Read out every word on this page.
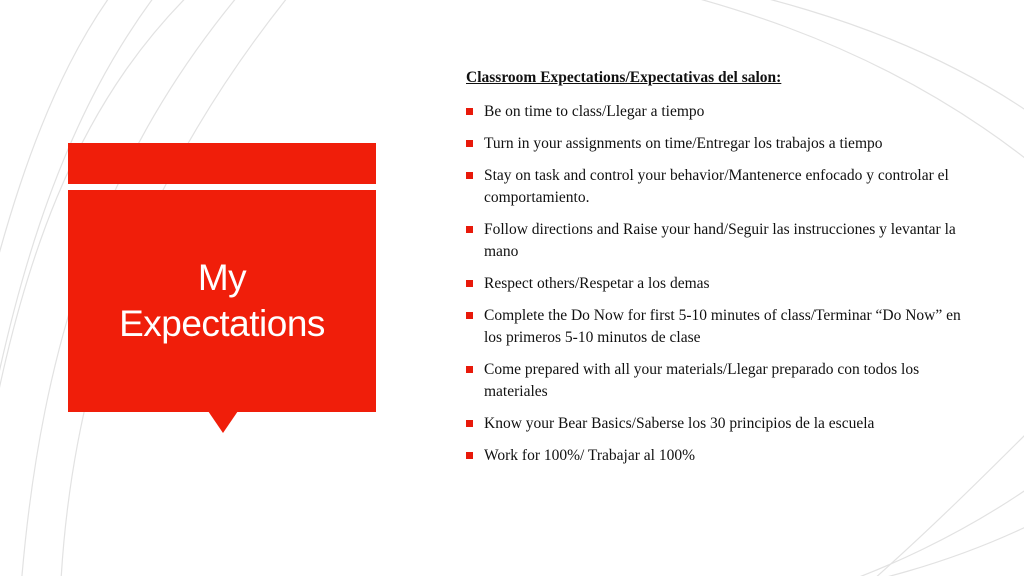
My Expectations
Classroom Expectations/Expectativas del salon:
Be on time to class/Llegar a tiempo
Turn in your assignments on time/Entregar los trabajos a tiempo
Stay on task and control your behavior/Mantenerce enfocado y controlar el comportamiento.
Follow directions and Raise your hand/Seguir las instrucciones y levantar la mano
Respect others/Respetar a los demas
Complete the Do Now for first 5-10 minutes of class/Terminar “Do Now” en los primeros 5-10 minutos de clase
Come prepared with all your materials/Llegar preparado con todos los materiales
Know your Bear Basics/Saberse los 30 principios de la escuela
Work for 100%/ Trabajar al 100%
